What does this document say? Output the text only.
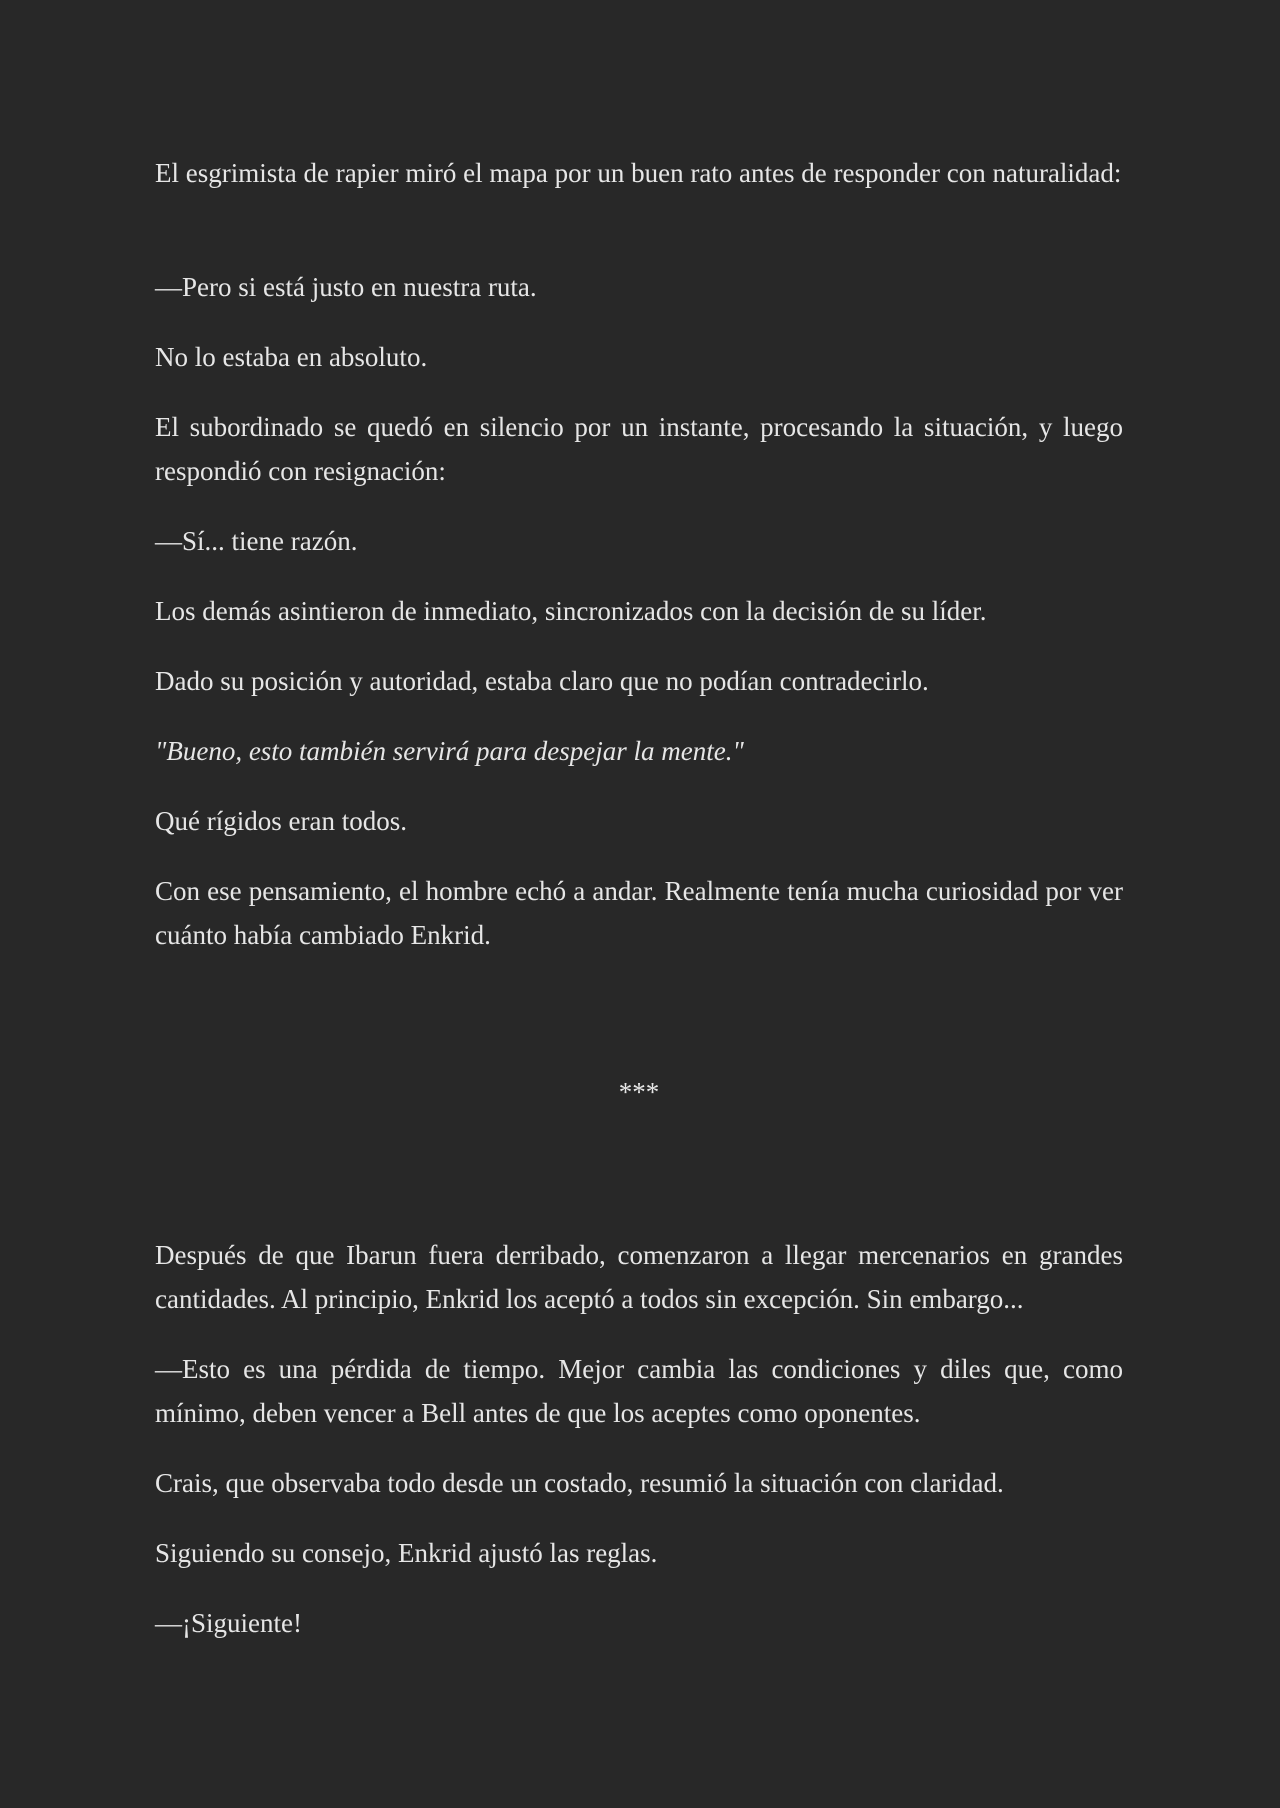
El esgrimista de rapier miró el mapa por un buen rato antes de responder con naturalidad:

—Pero si está justo en nuestra ruta.

No lo estaba en absoluto.

El subordinado se quedó en silencio por un instante, procesando la situación, y luego respondió con resignación:

—Sí... tiene razón.

Los demás asintieron de inmediato, sincronizados con la decisión de su líder.

Dado su posición y autoridad, estaba claro que no podían contradecirlo.

"Bueno, esto también servirá para despejar la mente."

Qué rígidos eran todos.

Con ese pensamiento, el hombre echó a andar. Realmente tenía mucha curiosidad por ver cuánto había cambiado Enkrid.

***

Después de que Ibarun fuera derribado, comenzaron a llegar mercenarios en grandes cantidades. Al principio, Enkrid los aceptó a todos sin excepción. Sin embargo...

—Esto es una pérdida de tiempo. Mejor cambia las condiciones y diles que, como mínimo, deben vencer a Bell antes de que los aceptes como oponentes.

Crais, que observaba todo desde un costado, resumió la situación con claridad.

Siguiendo su consejo, Enkrid ajustó las reglas.

—¡Siguiente!
